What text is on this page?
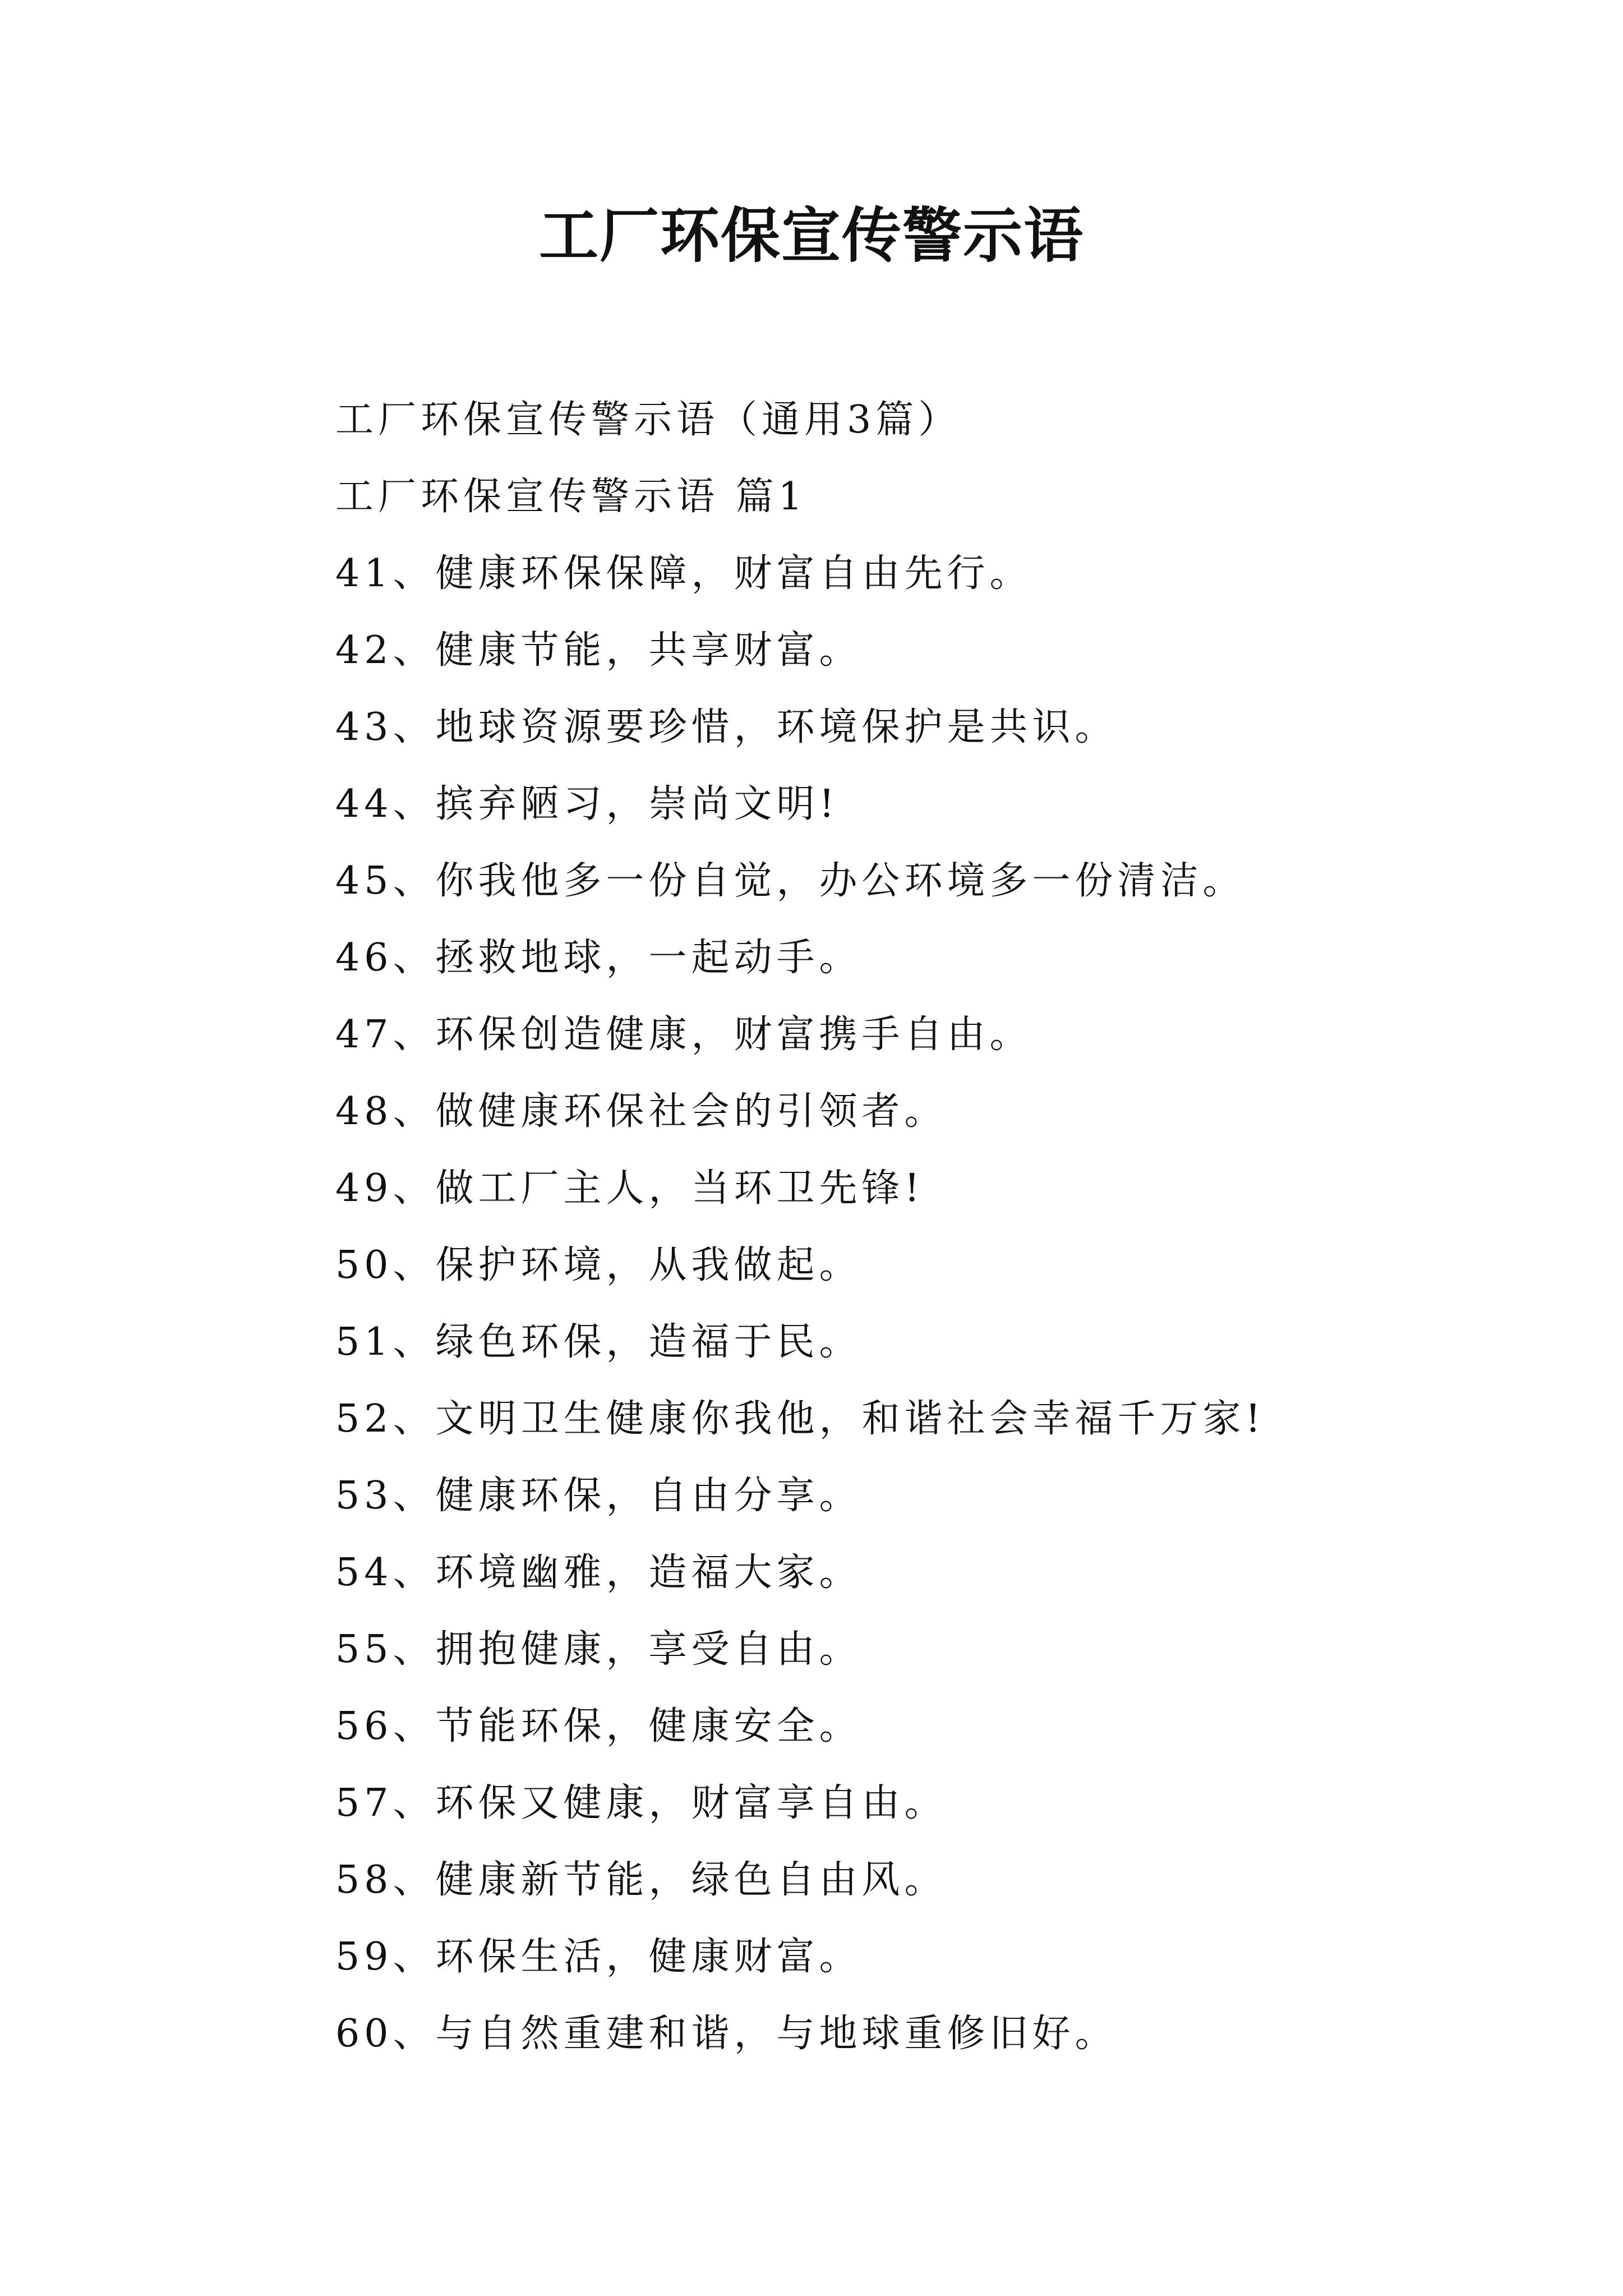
工厂环保宣传警示语
工厂环保宣传警示语（通用3篇）
工厂环保宣传警示语 篇1
41、健康环保保障，财富自由先行。
42、健康节能，共享财富。
43、地球资源要珍惜，环境保护是共识。
44、摈弃陋习，崇尚文明!
45、你我他多一份自觉，办公环境多一份清洁。
46、拯救地球，一起动手。
47、环保创造健康，财富携手自由。
48、做健康环保社会的引领者。
49、做工厂主人，当环卫先锋!
50、保护环境，从我做起。
51、绿色环保，造福于民。
52、文明卫生健康你我他，和谐社会幸福千万家!
53、健康环保，自由分享。
54、环境幽雅，造福大家。
55、拥抱健康，享受自由。
56、节能环保，健康安全。
57、环保又健康，财富享自由。
58、健康新节能，绿色自由风。
59、环保生活，健康财富。
60、与自然重建和谐，与地球重修旧好。
